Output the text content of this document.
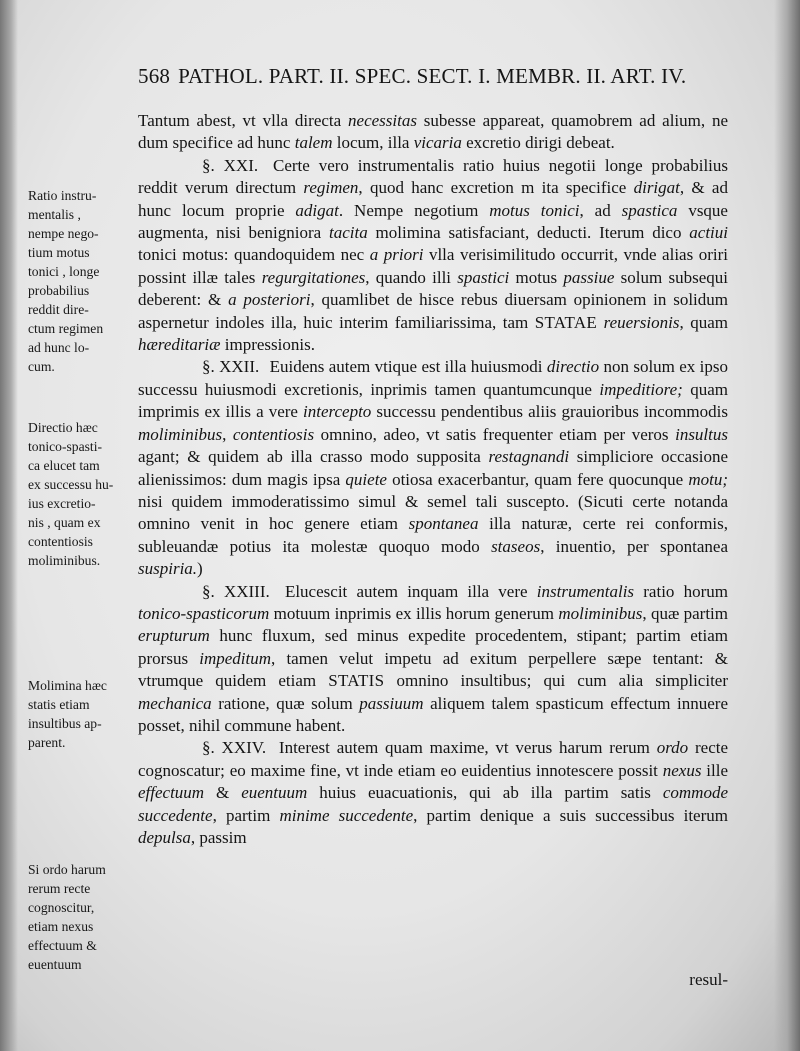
568 PATHOL. PART. II. SPEC. SECT. I. MEMBR. II. ART. IV.
Ratio instru-
mentalis ,
nempe nego-
tium motus
tonici , longe
probabilius
reddit dire-
ctum regimen
ad hunc lo-
cum.
Directio hæc
tonico-spasti-
ca elucet tam
ex successu hu-
ius excretio-
nis , quam ex
contentiosis
moliminibus.
Molimina hæc
statis etiam
insultibus ap-
parent.
Si ordo harum
rerum recte
cognoscitur,
etiam nexus
effectuum &
euentuum

Tantum abest, vt vlla directa necessitas subesse appareat, quamobrem ad alium, ne dum specifice ad hunc talem locum, illa vicaria excretio dirigi debeat.

§. XXI. Certe vero instrumentalis ratio huius negotii longe probabilius reddit verum directum regimen, quod hanc excretion m ita specifice dirigat, & ad hunc locum proprie adigat. Nempe negotium motus tonici, ad spastica vsque augmenta, nisi benigniora tacita molimina satisfaciant, deducti. Iterum dico actiui tonici motus: quandoquidem nec a priori vlla verisimilitudo occurrit, vnde alias oriri possint illæ tales regurgitationes, quando illi spastici motus passiue solum subsequi deberent: & a posteriori, quamlibet de hisce rebus diuersam opinionem in solidum aspernetur indoles illa, huic interim familiarissima, tam STATAE reuersionis, quam hæreditariæ impressionis.

§. XXII. Euidens autem vtique est illa huiusmodi directio non solum ex ipso successu huiusmodi excretionis, inprimis tamen quantumcunque impeditiore; quam imprimis ex illis a vere intercepto successu pendentibus aliis grauioribus incommodis moliminibus, contentiosis omnino, adeo, vt satis frequenter etiam per veros insultus agant; & quidem ab illa crasso modo supposita restagnandi simpliciore occasione alienissimos: dum magis ipsa quiete otiosa exacerbantur, quam fere quocunque motu; nisi quidem immoderatissimo simul & semel tali suscepto. (Sicuti certe notanda omnino venit in hoc genere etiam spontanea illa naturæ, certe rei conformis, subleuandæ potius ita molestæ quoquo modo staseos, inuentio, per spontanea suspiria.)

§. XXIII. Elucescit autem inquam illa vere instrumentalis ratio horum tonico-spasticorum motuum inprimis ex illis horum generum moliminibus, quæ partim erupturum hunc fluxum, sed minus expedite procedentem, stipant; partim etiam prorsus impeditum, tamen velut impetu ad exitum perpellere sæpe tentant: & vtrumque quidem etiam STATIS omnino insultibus; qui cum alia simpliciter mechanica ratione, quæ solum passiuum aliquem talem spasticum effectum innuere posset, nihil commune habent.

§. XXIV. Interest autem quam maxime, vt verus harum rerum ordo recte cognoscatur; eo maxime fine, vt inde etiam eo euidentius innotescere possit nexus ille effectuum & euentuum huius euacuationis, qui ab illa partim satis commode succedente, partim minime succedente, partim denique a suis successibus iterum depulsa, passim

resul-
